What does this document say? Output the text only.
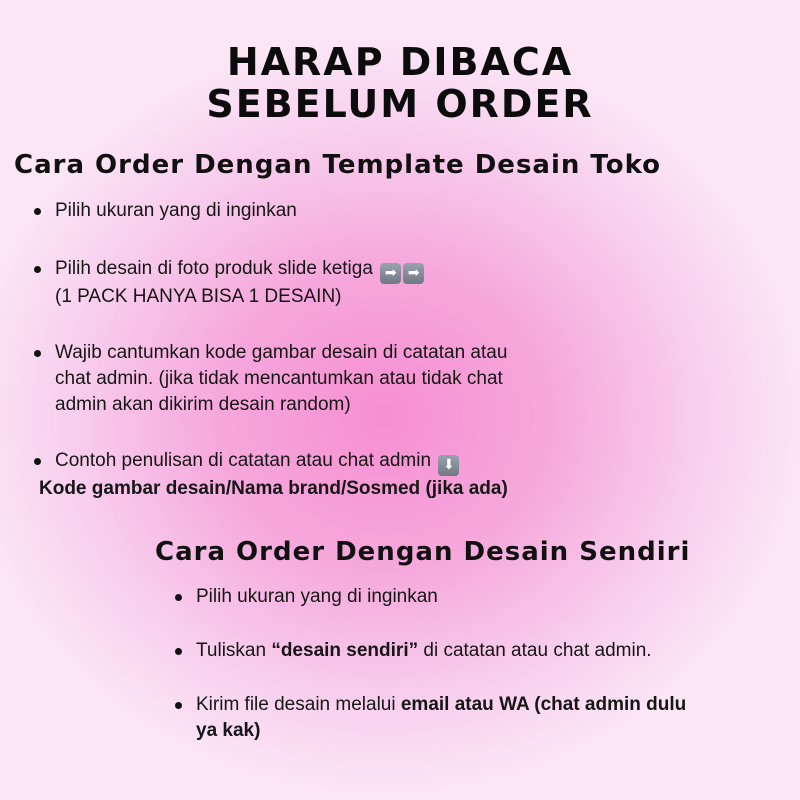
HARAP DIBACA
SEBELUM ORDER
Cara Order Dengan Template Desain Toko
Pilih ukuran yang di inginkan
Pilih desain di foto produk slide ketiga ➡ ➡
(1 PACK HANYA BISA 1 DESAIN)
Wajib cantumkan kode gambar desain di catatan atau
chat admin. (jika tidak mencantumkan atau tidak chat
admin akan dikirim desain random)
Contoh penulisan di catatan atau chat admin ⬇
Kode gambar desain/Nama brand/Sosmed (jika ada)
Cara Order Dengan Desain Sendiri
Pilih ukuran yang di inginkan
Tuliskan “desain sendiri” di catatan atau chat admin.
Kirim file desain melalui email atau WA (chat admin dulu
ya kak)
